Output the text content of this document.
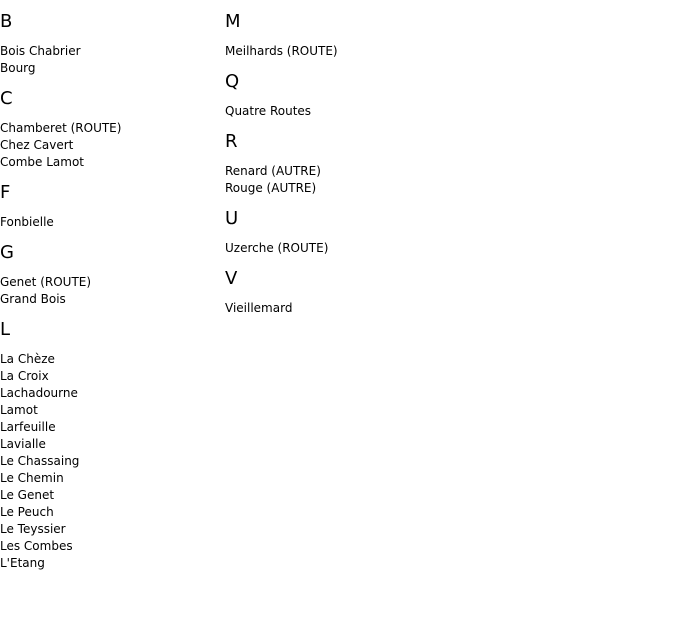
B
Bois Chabrier
Bourg
C
Chamberet (ROUTE)
Chez Cavert
Combe Lamot
F
Fonbielle
G
Genet (ROUTE)
Grand Bois
L
La Chèze
La Croix
Lachadourne
Lamot
Larfeuille
Lavialle
Le Chassaing
Le Chemin
Le Genet
Le Peuch
Le Teyssier
Les Combes
L'Etang
M
Meilhards (ROUTE)
Q
Quatre Routes
R
Renard (AUTRE)
Rouge (AUTRE)
U
Uzerche (ROUTE)
V
Vieillemard
